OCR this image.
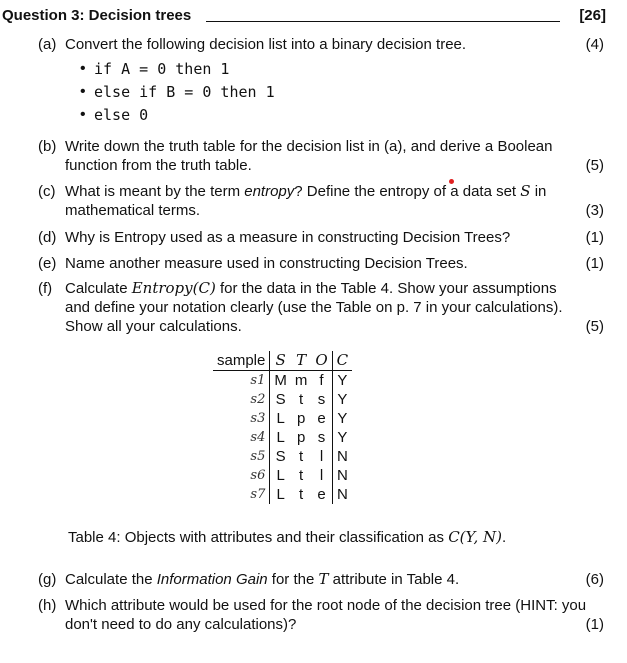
Question 3: Decision trees	[26]
(a) Convert the following decision list into a binary decision tree.	(4)
• if A = 0 then 1
• else if B = 0 then 1
• else 0
(b) Write down the truth table for the decision list in (a), and derive a Boolean
function from the truth table.	(5)
(c) What is meant by the term entropy? Define the entropy of a data set S in
mathematical terms.	(3)
(d) Why is Entropy used as a measure in constructing Decision Trees?	(1)
(e) Name another measure used in constructing Decision Trees.	(1)
(f) Calculate Entropy(C) for the data in the Table 4. Show your assumptions
and define your notation clearly (use the Table on p. 7 in your calculations).
Show all your calculations.	(5)
sample	S	T	O	C
s1	M	m	f	Y
s2	S	t	s	Y
s3	L	p	e	Y
s4	L	p	s	Y
s5	S	t	l	N
s6	L	t	l	N
s7	L	t	e	N
Table 4: Objects with attributes and their classification as C(Y, N).
(g) Calculate the Information Gain for the T attribute in Table 4.	(6)
(h) Which attribute would be used for the root node of the decision tree (HINT: you
don't need to do any calculations)?	(1)
